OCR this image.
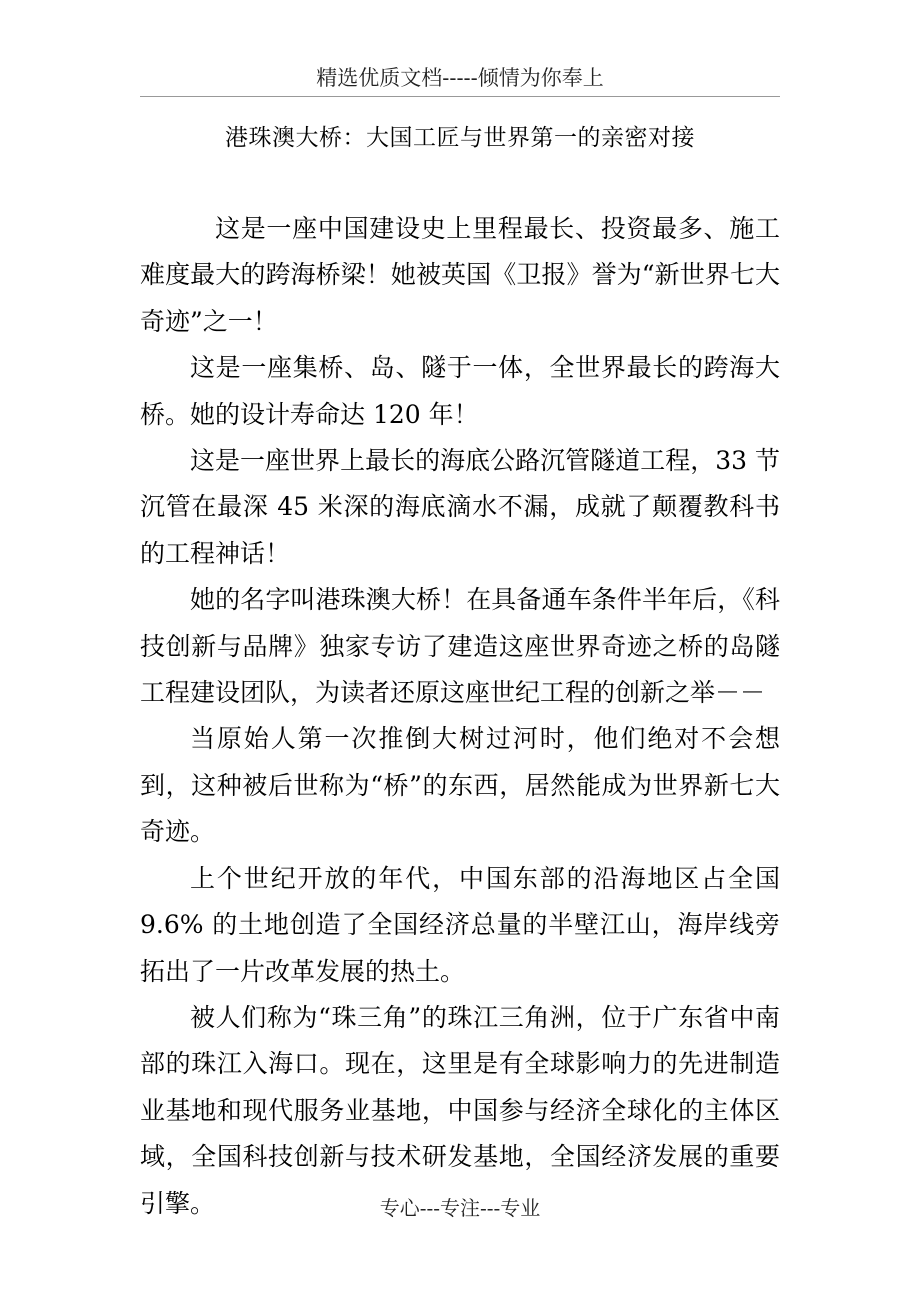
精选优质文档-----倾情为你奉上
港珠澳大桥：大国工匠与世界第一的亲密对接

这是一座中国建设史上里程最长、投资最多、施工难度最大的跨海桥梁！她被英国《卫报》誉为“新世界七大奇迹”之一！

这是一座集桥、岛、隧于一体，全世界最长的跨海大桥。她的设计寿命达 120 年！

这是一座世界上最长的海底公路沉管隧道工程，33 节沉管在最深 45 米深的海底滴水不漏，成就了颠覆教科书的工程神话！

她的名字叫港珠澳大桥！在具备通车条件半年后，《科技创新与品牌》独家专访了建造这座世界奇迹之桥的岛隧工程建设团队，为读者还原这座世纪工程的创新之举－－

当原始人第一次推倒大树过河时，他们绝对不会想到，这种被后世称为“桥”的东西，居然能成为世界新七大奇迹。

上个世纪开放的年代，中国东部的沿海地区占全国 9.6% 的土地创造了全国经济总量的半壁江山，海岸线旁拓出了一片改革发展的热土。

被人们称为“珠三角”的珠江三角洲，位于广东省中南部的珠江入海口。现在，这里是有全球影响力的先进制造业基地和现代服务业基地，中国参与经济全球化的主体区域，全国科技创新与技术研发基地，全国经济发展的重要引擎。	专心---专注---专业
